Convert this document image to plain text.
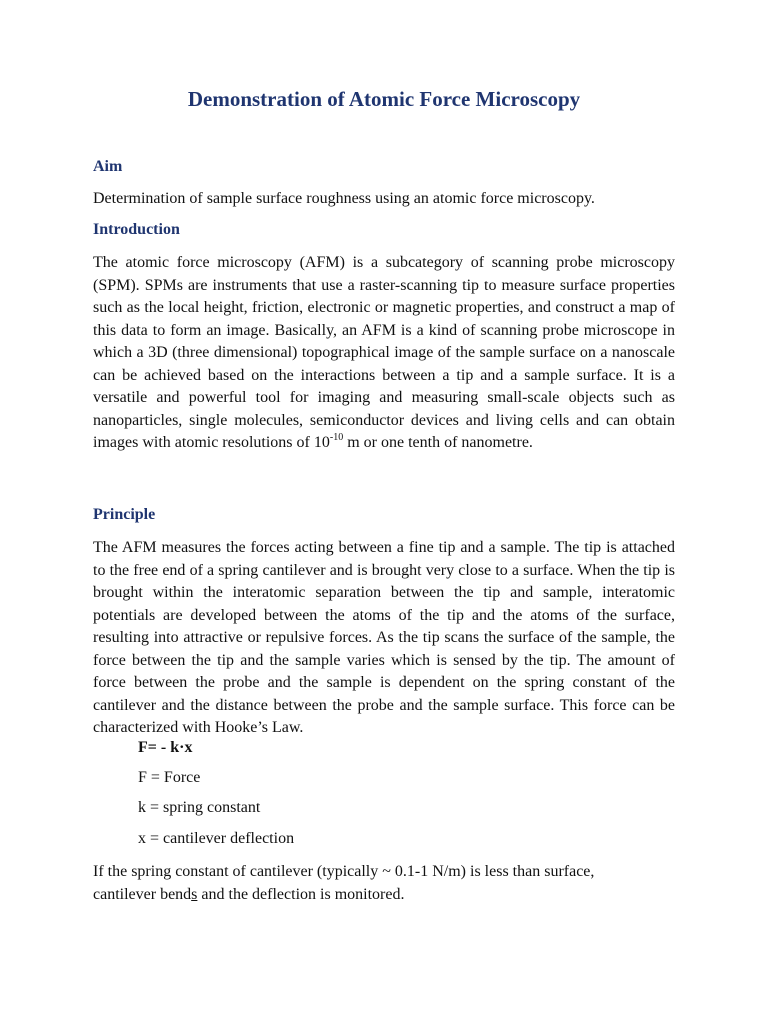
Demonstration of Atomic Force Microscopy
Aim

Determination of sample surface roughness using an atomic force microscopy.

Introduction

The atomic force microscopy (AFM) is a subcategory of scanning probe microscopy (SPM). SPMs are instruments that use a raster-scanning tip to measure surface properties such as the local height, friction, electronic or magnetic properties, and construct a map of this data to form an image. Basically, an AFM is a kind of scanning probe microscope in which a 3D (three dimensional) topographical image of the sample surface on a nanoscale can be achieved based on the interactions between a tip and a sample surface. It is a versatile and powerful tool for imaging and measuring small-scale objects such as nanoparticles, single molecules, semiconductor devices and living cells and can obtain images with atomic resolutions of $10^{-10}$ m or one tenth of nanometre.

Principle

The AFM measures the forces acting between a fine tip and a sample. The tip is attached to the free end of a spring cantilever and is brought very close to a surface. When the tip is brought within the interatomic separation between the tip and sample, interatomic potentials are developed between the atoms of the tip and the atoms of the surface, resulting into attractive or repulsive forces. As the tip scans the surface of the sample, the force between the tip and the sample varies which is sensed by the tip. The amount of force between the probe and the sample is dependent on the spring constant of the cantilever and the distance between the probe and the sample surface. This force can be characterized with Hooke’s Law.

F= - k·x

F = Force

k = spring constant

x = cantilever deflection

If the spring constant of cantilever (typically ~ 0.1-1 N/m) is less than surface,
cantilever bends and the deflection is monitored.
